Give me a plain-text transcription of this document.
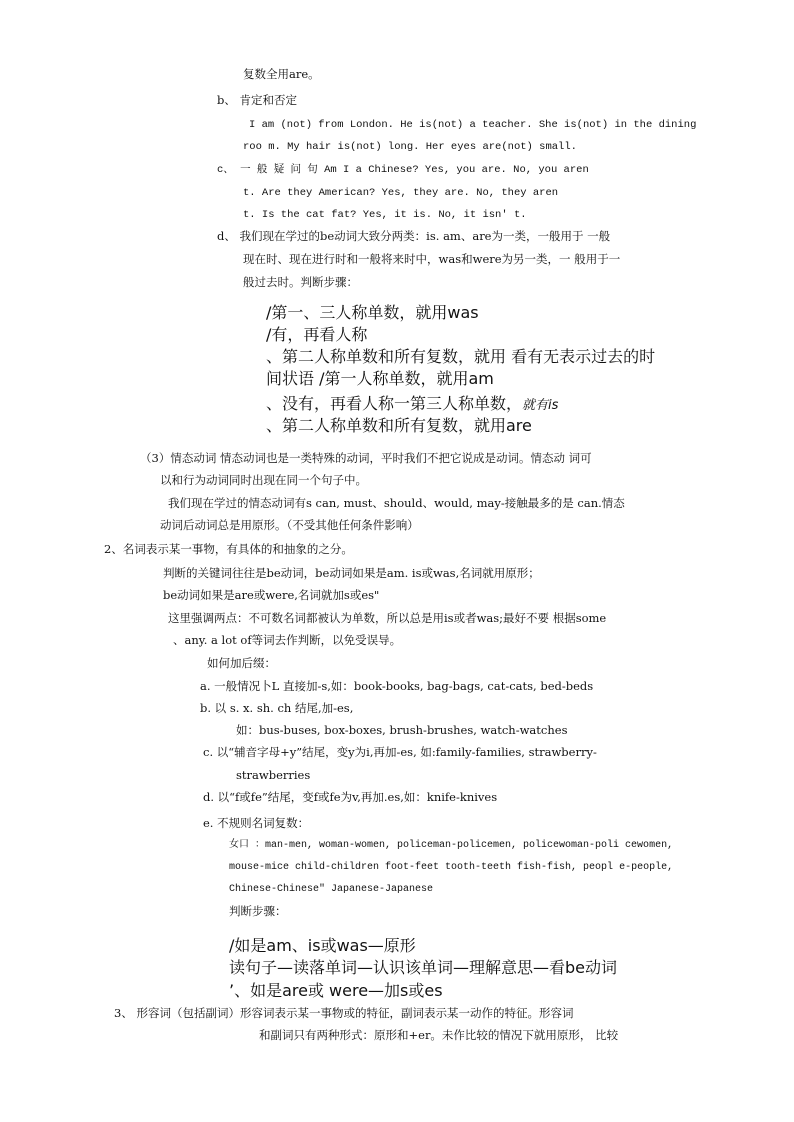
复数全用are。
b、 肯定和否定
I am (not) from London. He is(not) a teacher. She is(not) in the dining
roo m. My hair is(not) long. Her eyes are(not) small.
c、 一 般 疑 问 句 Am I a Chinese? Yes, you are. No, you aren
t. Are they American? Yes, they are. No, they aren
t. Is the cat fat? Yes, it is. No, it isn' t.
d、 我们现在学过的be动词大致分两类：is. am、are为一类，一般用于 一般
现在时、现在进行时和一般将来时中，was和were为另一类，一 般用于一
般过去时。判断步骤：
/第一、三人称单数，就用was
/有，再看人称
、第二人称单数和所有复数，就用 看有无表示过去的时
间状语 /第一人称单数，就用am
、没有，再看人称一第三人称单数，就有is
、第二人称单数和所有复数，就用are
（3）情态动词 情态动词也是一类特殊的动词，平时我们不把它说成是动词。情态动 词可
以和行为动词同时出现在同一个句子中。
我们现在学过的情态动词有s can, must、should、would, may-接触最多的是 can.情态
动词后动词总是用原形。（不受其他任何条件影响）
2、名词表示某一事物，有具体的和抽象的之分。
判断的关键词往往是be动词，be动词如果是am. is或was,名词就用原形；
be动词如果是are或were,名词就加s或es"
这里强调两点：不可数名词都被认为单数，所以总是用is或者was;最好不要 根据some
、any. a lot of等词去作判断，以免受误导。
如何加后缀：
a. 一般情况卜L 直接加-s,如：book-books, bag-bags, cat-cats, bed-beds
b. 以 s. x. sh. ch 结尾,加-es,
如：bus-buses, box-boxes, brush-brushes, watch-watches
c. 以“辅音字母+y”结尾，变y为i,再加-es, 如:family-families, strawberry-
strawberries
d. 以“f或fe”结尾，变f或fe为v,再加.es,如：knife-knives
e. 不规则名词复数：
女口 ：man-men, woman-women, policeman-policemen, policewoman-poli cewomen,
mouse-mice child-children foot-feet tooth-teeth fish-fish, peopl e-people,
Chinese-Chinese" Japanese-Japanese
判断步骤：
/如是am、is或was—原形
读句子—读落单词—认识该单词—理解意思—看be动词
’、如是are或 were—加s或es
3、 形容词（包括副词）形容词表示某一事物或的特征，副词表示某一动作的特征。形容词
和副词只有两种形式：原形和+er。未作比较的情况下就用原形， 比较
